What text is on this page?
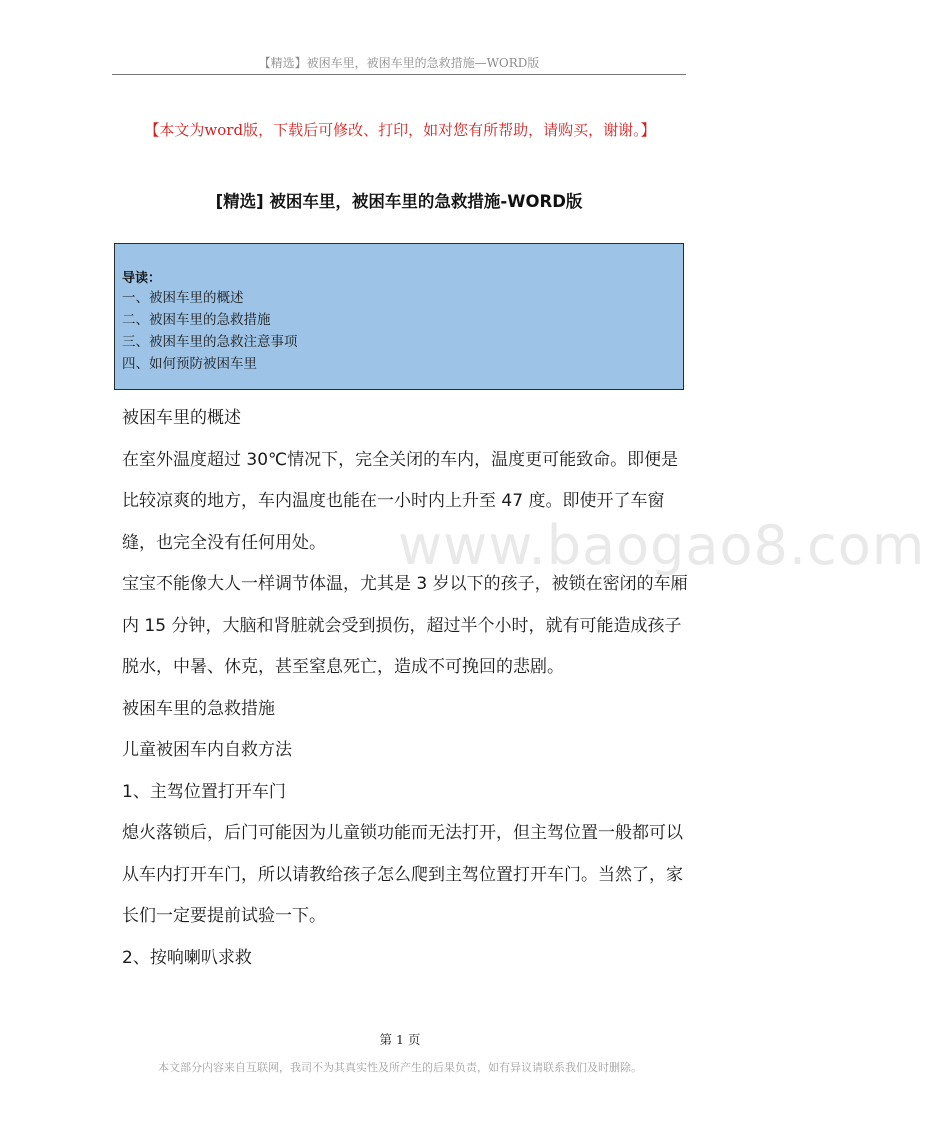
【精选】被困车里，被困车里的急救措施—WORD版
【本文为word版，下载后可修改、打印，如对您有所帮助，请购买，谢谢。】
[精选] 被困车里，被困车里的急救措施-WORD版
导读：
一、被困车里的概述
二、被困车里的急救措施
三、被困车里的急救注意事项
四、如何预防被困车里
www.baogao8.com

被困车里的概述

在室外温度超过 30℃情况下，完全关闭的车内，温度更可能致命。即便是比较凉爽的地方，车内温度也能在一小时内上升至 47 度。即使开了车窗缝，也完全没有任何用处。

宝宝不能像大人一样调节体温，尤其是 3 岁以下的孩子，被锁在密闭的车厢内 15 分钟，大脑和肾脏就会受到损伤，超过半个小时，就有可能造成孩子脱水，中暑、休克，甚至窒息死亡，造成不可挽回的悲剧。

被困车里的急救措施

儿童被困车内自救方法

1、主驾位置打开车门

熄火落锁后，后门可能因为儿童锁功能而无法打开，但主驾位置一般都可以从车内打开车门，所以请教给孩子怎么爬到主驾位置打开车门。当然了，家长们一定要提前试验一下。

2、按响喇叭求救

第 1 页
本文部分内容来自互联网，我司不为其真实性及所产生的后果负责，如有异议请联系我们及时删除。
